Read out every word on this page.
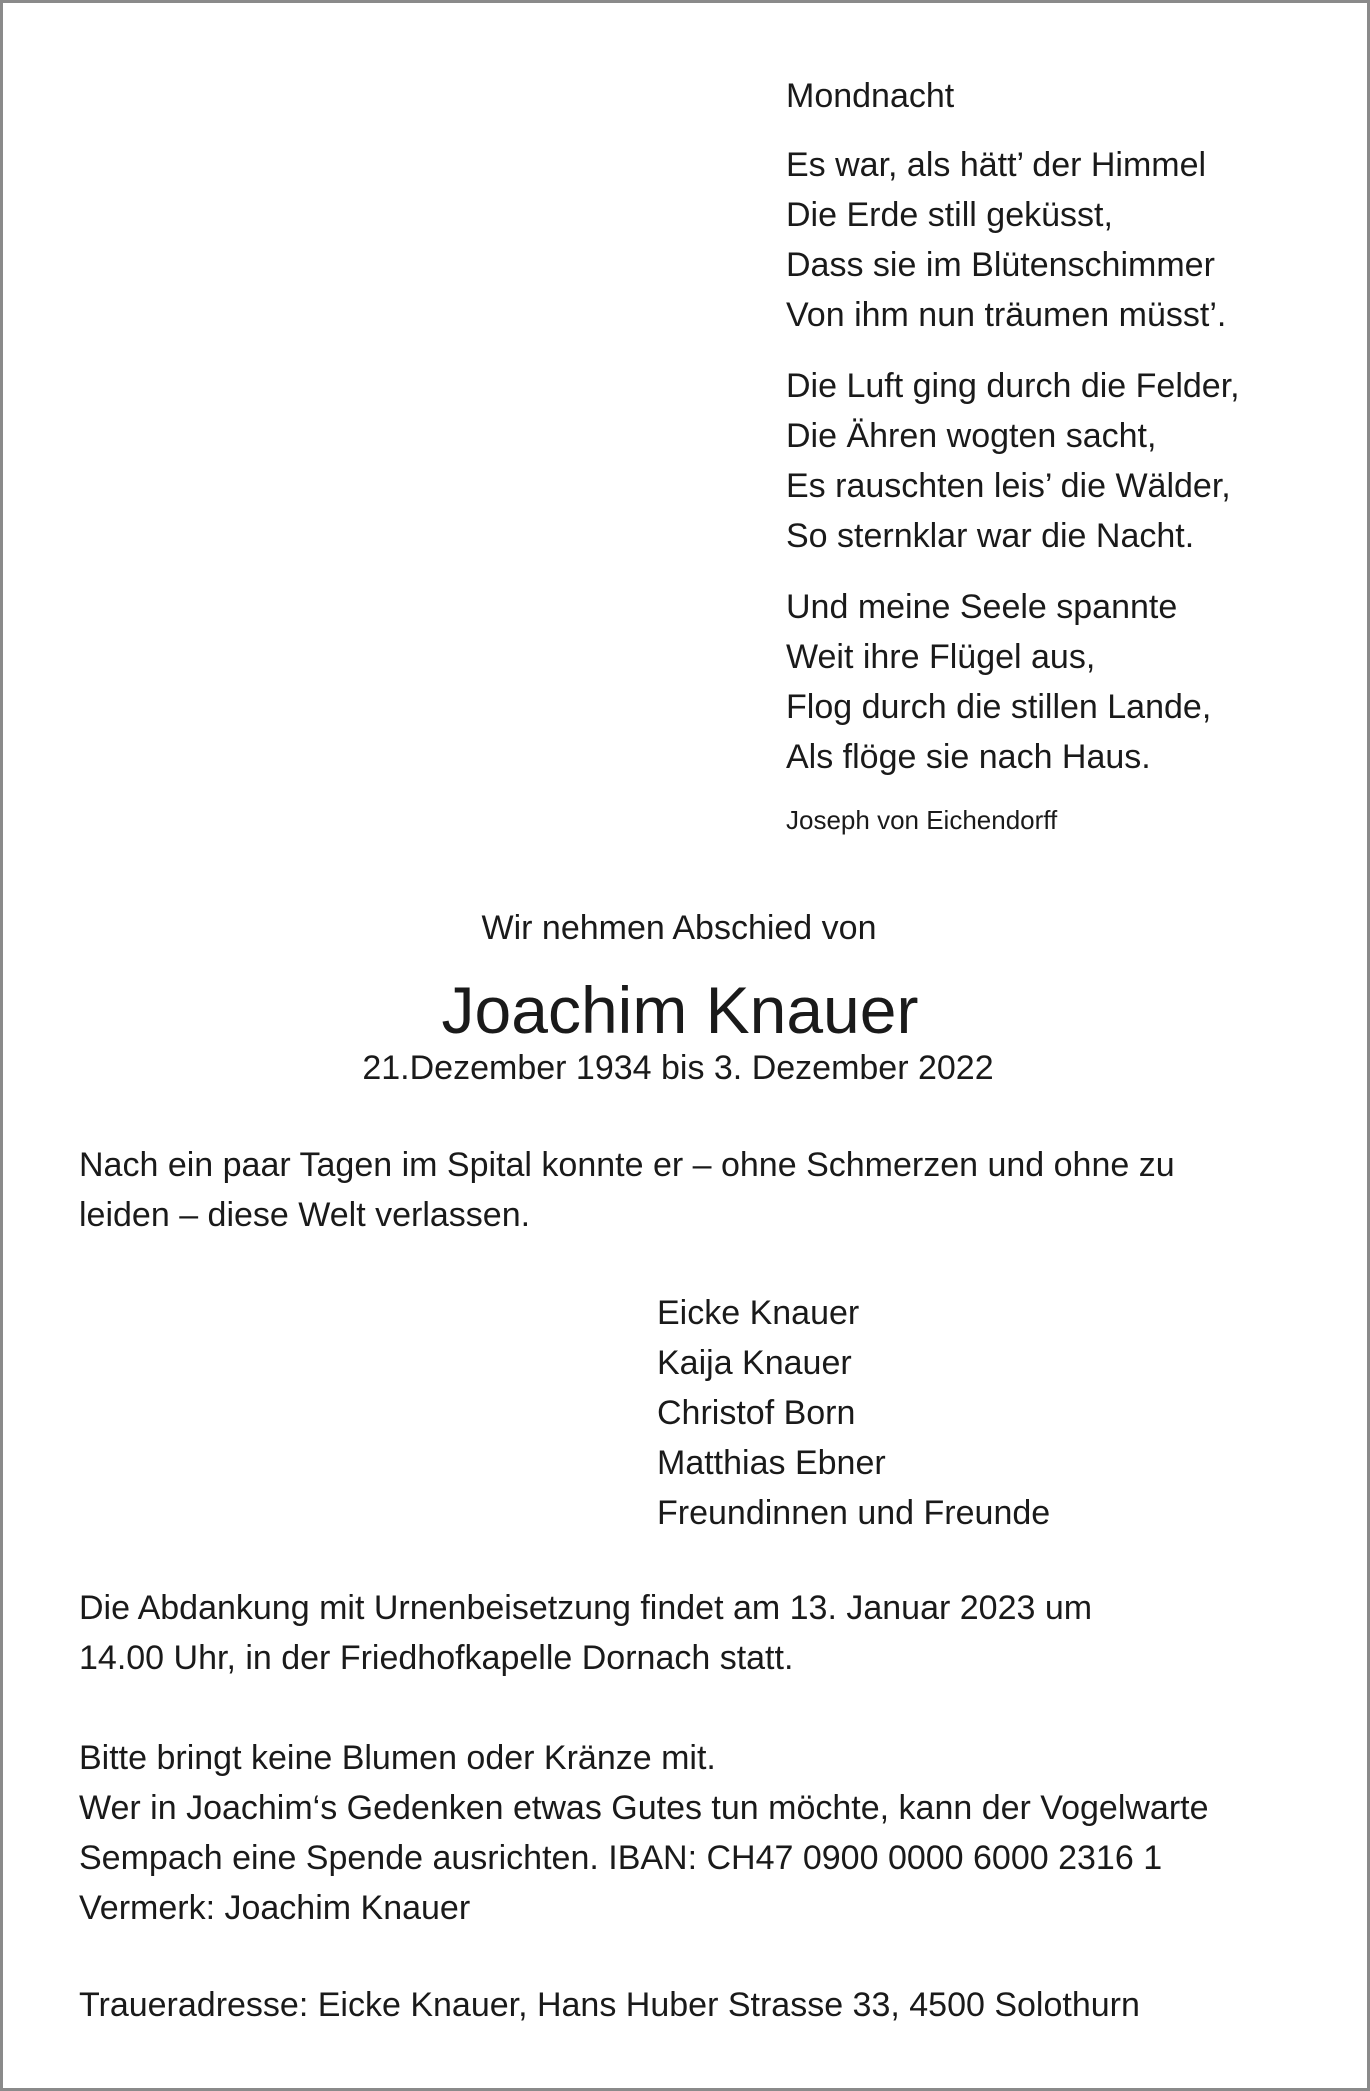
Mondnacht
Es war, als hätt’ der Himmel
Die Erde still geküsst,
Dass sie im Blütenschimmer
Von ihm nun träumen müsst’.
Die Luft ging durch die Felder,
Die Ähren wogten sacht,
Es rauschten leis’ die Wälder,
So sternklar war die Nacht.
Und meine Seele spannte
Weit ihre Flügel aus,
Flog durch die stillen Lande,
Als flöge sie nach Haus.
Joseph von Eichendorff
Wir nehmen Abschied von
Joachim Knauer
21.Dezember 1934 bis 3. Dezember 2022
Nach ein paar Tagen im Spital konnte er – ohne Schmerzen und ohne zu
leiden – diese Welt verlassen.
Eicke Knauer
Kaija Knauer
Christof Born
Matthias Ebner
Freundinnen und Freunde
Die Abdankung mit Urnenbeisetzung findet am 13. Januar 2023 um
14.00 Uhr, in der Friedhofkapelle Dornach statt.
Bitte bringt keine Blumen oder Kränze mit.
Wer in Joachim‘s Gedenken etwas Gutes tun möchte, kann der Vogelwarte
Sempach eine Spende ausrichten. IBAN: CH47 0900 0000 6000 2316 1
Vermerk: Joachim Knauer
Traueradresse: Eicke Knauer, Hans Huber Strasse 33, 4500 Solothurn
